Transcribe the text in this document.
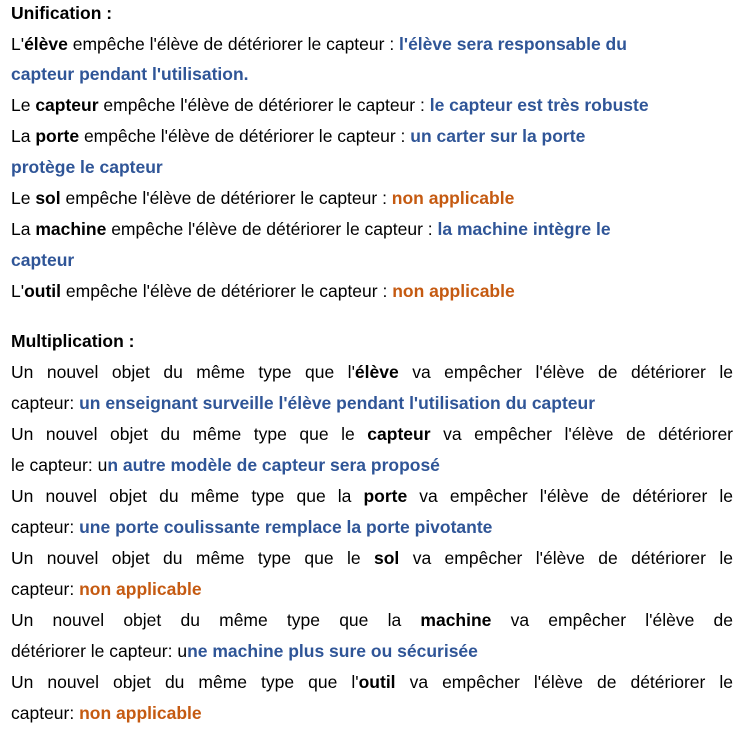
Unification :
L'élève empêche l'élève de détériorer le capteur : l'élève sera responsable du
capteur pendant l'utilisation.
Le capteur empêche l'élève de détériorer le capteur : le capteur est très robuste
La porte empêche l'élève de détériorer le capteur : un carter sur la porte
protège le capteur
Le sol empêche l'élève de détériorer le capteur : non applicable
La machine empêche l'élève de détériorer le capteur : la machine intègre le
capteur
L'outil empêche l'élève de détériorer le capteur : non applicable
Multiplication :
Un nouvel objet du même type que l'élève va empêcher l'élève de détériorer le
capteur: un enseignant surveille l'élève pendant l'utilisation du capteur
Un nouvel objet du même type que le capteur va empêcher l'élève de détériorer
le capteur: un autre modèle de capteur sera proposé
Un nouvel objet du même type que la porte va empêcher l'élève de détériorer le
capteur: une porte coulissante remplace la porte pivotante
Un nouvel objet du même type que le sol va empêcher l'élève de détériorer le
capteur: non applicable
Un nouvel objet du même type que la machine va empêcher l'élève de
détériorer le capteur: une machine plus sure ou sécurisée
Un nouvel objet du même type que l'outil va empêcher l'élève de détériorer le
capteur: non applicable
